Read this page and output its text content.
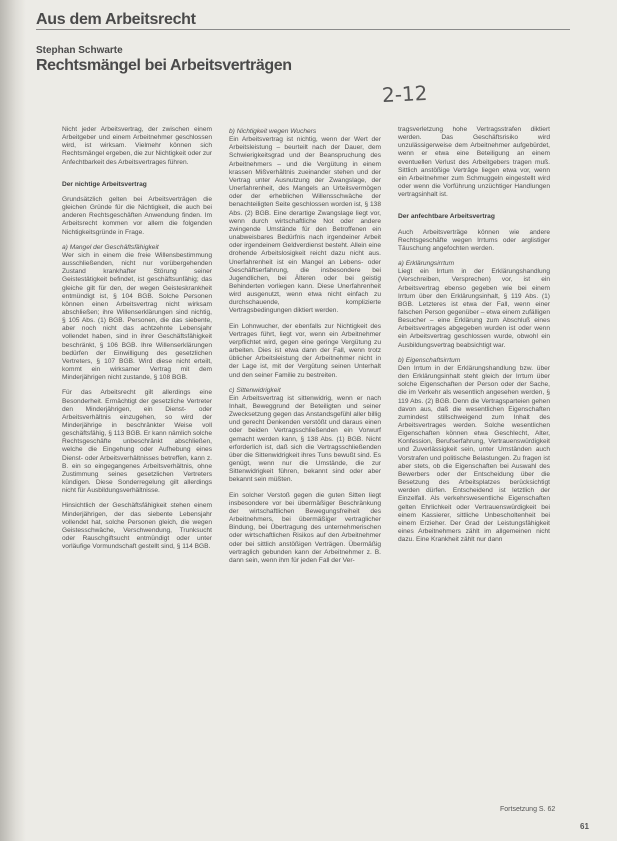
Aus dem Arbeitsrecht
Stephan Schwarte
Rechtsmängel bei Arbeitsverträgen
2-12

Nicht jeder Arbeitsvertrag, der zwischen einem Arbeitgeber und einem Arbeitnehmer geschlossen wird, ist wirksam. Vielmehr können sich Rechtsmängel ergeben, die zur Nichtigkeit oder zur Anfechtbarkeit des Arbeitsvertrages führen.

Der nichtige Arbeitsvertrag

Grundsätzlich gelten bei Arbeitsverträgen die gleichen Gründe für die Nichtigkeit, die auch bei anderen Rechtsgeschäften Anwendung finden. Im Arbeitsrecht kommen vor allem die folgenden Nichtigkeitsgründe in Frage.

a) Mangel der Geschäftsfähigkeit

Wer sich in einem die freie Willensbestimmung ausschließenden, nicht nur vorübergehenden Zustand krankhafter Störung seiner Geistestätigkeit befindet, ist geschäftsunfähig; das gleiche gilt für den, der wegen Geisteskrankheit entmündigt ist, § 104 BGB. Solche Personen können einen Arbeitsvertrag nicht wirksam abschließen; ihre Willenserklärungen sind nichtig, § 105 Abs. (1) BGB. Personen, die das siebente, aber noch nicht das achtzehnte Lebensjahr vollendet haben, sind in ihrer Geschäftsfähigkeit beschränkt, § 106 BGB. Ihre Willenserklärungen bedürfen der Einwilligung des gesetzlichen Vertreters, § 107 BGB. Wird diese nicht erteilt, kommt ein wirksamer Vertrag mit dem Minderjährigen nicht zustande, § 108 BGB.

Für das Arbeitsrecht gilt allerdings eine Besonderheit. Ermächtigt der gesetzliche Vertreter den Minderjährigen, ein Dienst- oder Arbeitsverhältnis einzugehen, so wird der Minderjährige in beschränkter Weise voll geschäftsfähig, § 113 BGB. Er kann nämlich solche Rechtsgeschäfte unbeschränkt abschließen, welche die Eingehung oder Aufhebung eines Dienst- oder Arbeitsverhältnisses betreffen, kann z. B. ein so eingegangenes Arbeitsverhältnis, ohne Zustimmung seines gesetzlichen Vertreters kündigen. Diese Sonderregelung gilt allerdings nicht für Ausbildungsverhältnisse.

Hinsichtlich der Geschäftsfähigkeit stehen einem Minderjährigen, der das siebente Lebensjahr vollendet hat, solche Personen gleich, die wegen Geistesschwäche, Verschwendung, Trunksucht oder Rauschgiftsucht entmündigt oder unter vorläufige Vormundschaft gestellt sind, § 114 BGB.

b) Nichtigkeit wegen Wuchers

Ein Arbeitsvertrag ist nichtig, wenn der Wert der Arbeitsleistung – beurteilt nach der Dauer, dem Schwierigkeitsgrad und der Beanspruchung des Arbeitnehmers – und die Vergütung in einem krassen Mißverhältnis zueinander stehen und der Vertrag unter Ausnutzung der Zwangslage, der Unerfahrenheit, des Mangels an Urteilsvermögen oder der erheblichen Willensschwäche der benachteiligten Seite geschlossen worden ist, § 138 Abs. (2) BGB. Eine derartige Zwangslage liegt vor, wenn durch wirtschaftliche Not oder andere zwingende Umstände für den Betroffenen ein unabweisbares Bedürfnis nach irgendeiner Arbeit oder irgendeinem Geldverdienst besteht. Allein eine drohende Arbeitslosigkeit reicht dazu nicht aus. Unerfahrenheit ist ein Mangel an Lebens- oder Geschäftserfahrung, die insbesondere bei Jugendlichen, bei Älteren oder bei geistig Behinderten vorliegen kann. Diese Unerfahrenheit wird ausgenutzt, wenn etwa nicht einfach zu durchschauende, komplizierte Vertragsbedingungen diktiert werden.

Ein Lohnwucher, der ebenfalls zur Nichtigkeit des Vertrages führt, liegt vor, wenn ein Arbeitnehmer verpflichtet wird, gegen eine geringe Vergütung zu arbeiten. Dies ist etwa dann der Fall, wenn trotz üblicher Arbeitsleistung der Arbeitnehmer nicht in der Lage ist, mit der Vergütung seinen Unterhalt und den seiner Familie zu bestreiten.

c) Sittenwidrigkeit

Ein Arbeitsvertrag ist sittenwidrig, wenn er nach Inhalt, Beweggrund der Beteiligten und seiner Zwecksetzung gegen das Anstandsgefühl aller billig und gerecht Denkenden verstößt und daraus einen oder beiden Vertragsschließenden ein Vorwurf gemacht werden kann, § 138 Abs. (1) BGB. Nicht erforderlich ist, daß sich die Vertragsschließenden über die Sittenwidrigkeit ihres Tuns bewußt sind. Es genügt, wenn nur die Umstände, die zur Sittenwidrigkeit führen, bekannt sind oder aber bekannt sein müßten.

Ein solcher Verstoß gegen die guten Sitten liegt insbesondere vor bei übermäßiger Beschränkung der wirtschaftlichen Bewegungsfreiheit des Arbeitnehmers, bei übermäßiger vertraglicher Bindung, bei Übertragung des unternehmerischen oder wirtschaftlichen Risikos auf den Arbeitnehmer oder bei sittlich anstößigen Verträgen. Übermäßig vertraglich gebunden kann der Arbeitnehmer z. B. dann sein, wenn ihm für jeden Fall der Ver-

tragsverletzung hohe Vertragsstrafen diktiert werden. Das Geschäftsrisiko wird unzulässigerweise dem Arbeitnehmer aufgebürdet, wenn er etwa eine Beteiligung an einem eventuellen Verlust des Arbeitgebers tragen muß. Sittlich anstößige Verträge liegen etwa vor, wenn ein Arbeitnehmer zum Schmuggeln eingestellt wird oder wenn die Vorführung unzüchtiger Handlungen vertragsinhalt ist.

Der anfechtbare Arbeitsvertrag

Auch Arbeitsverträge können wie andere Rechtsgeschäfte wegen Irrtums oder arglistiger Täuschung angefochten werden.

a) Erklärungsirrtum

Liegt ein Irrtum in der Erklärungshandlung (Verschreiben, Versprechen) vor, ist ein Arbeitsvertrag ebenso gegeben wie bei einem Irrtum über den Erklärungsinhalt, § 119 Abs. (1) BGB. Letzteres ist etwa der Fall, wenn einer falschen Person gegenüber – etwa einem zufälligen Besucher – eine Erklärung zum Abschluß eines Arbeitsvertrages abgegeben wurden ist oder wenn ein Arbeitsvertrag geschlossen wurde, obwohl ein Ausbildungsvertrag beabsichtigt war.

b) Eigenschaftsirrtum

Den Irrtum in der Erklärungshandlung bzw. über den Erklärungsinhalt steht gleich der Irrtum über solche Eigenschaften der Person oder der Sache, die im Verkehr als wesentlich angesehen werden, § 119 Abs. (2) BGB. Denn die Vertragsparteien gehen davon aus, daß die wesentlichen Eigenschaften zumindest stillschweigend zum Inhalt des Arbeitsvertrages werden. Solche wesentlichen Eigenschaften können etwa Geschlecht, Alter, Konfession, Berufserfahrung, Vertrauenswürdigkeit und Zuverlässigkeit sein, unter Umständen auch Vorstrafen und politische Belastungen. Zu fragen ist aber stets, ob die Eigenschaften bei Auswahl des Bewerbers oder der Entscheidung über die Besetzung des Arbeitsplatzes berücksichtigt werden dürfen. Entscheidend ist letztlich der Einzelfall. Als verkehrswesentliche Eigenschaften gelten Ehrlichkeit oder Vertrauenswürdigkeit bei einem Kassierer, sittliche Unbescholtenheit bei einem Erzieher. Der Grad der Leistungsfähigkeit eines Arbeitnehmers zählt im allgemeinen nicht dazu. Eine Krankheit zählt nur dann

Fortsetzung S. 62
61
